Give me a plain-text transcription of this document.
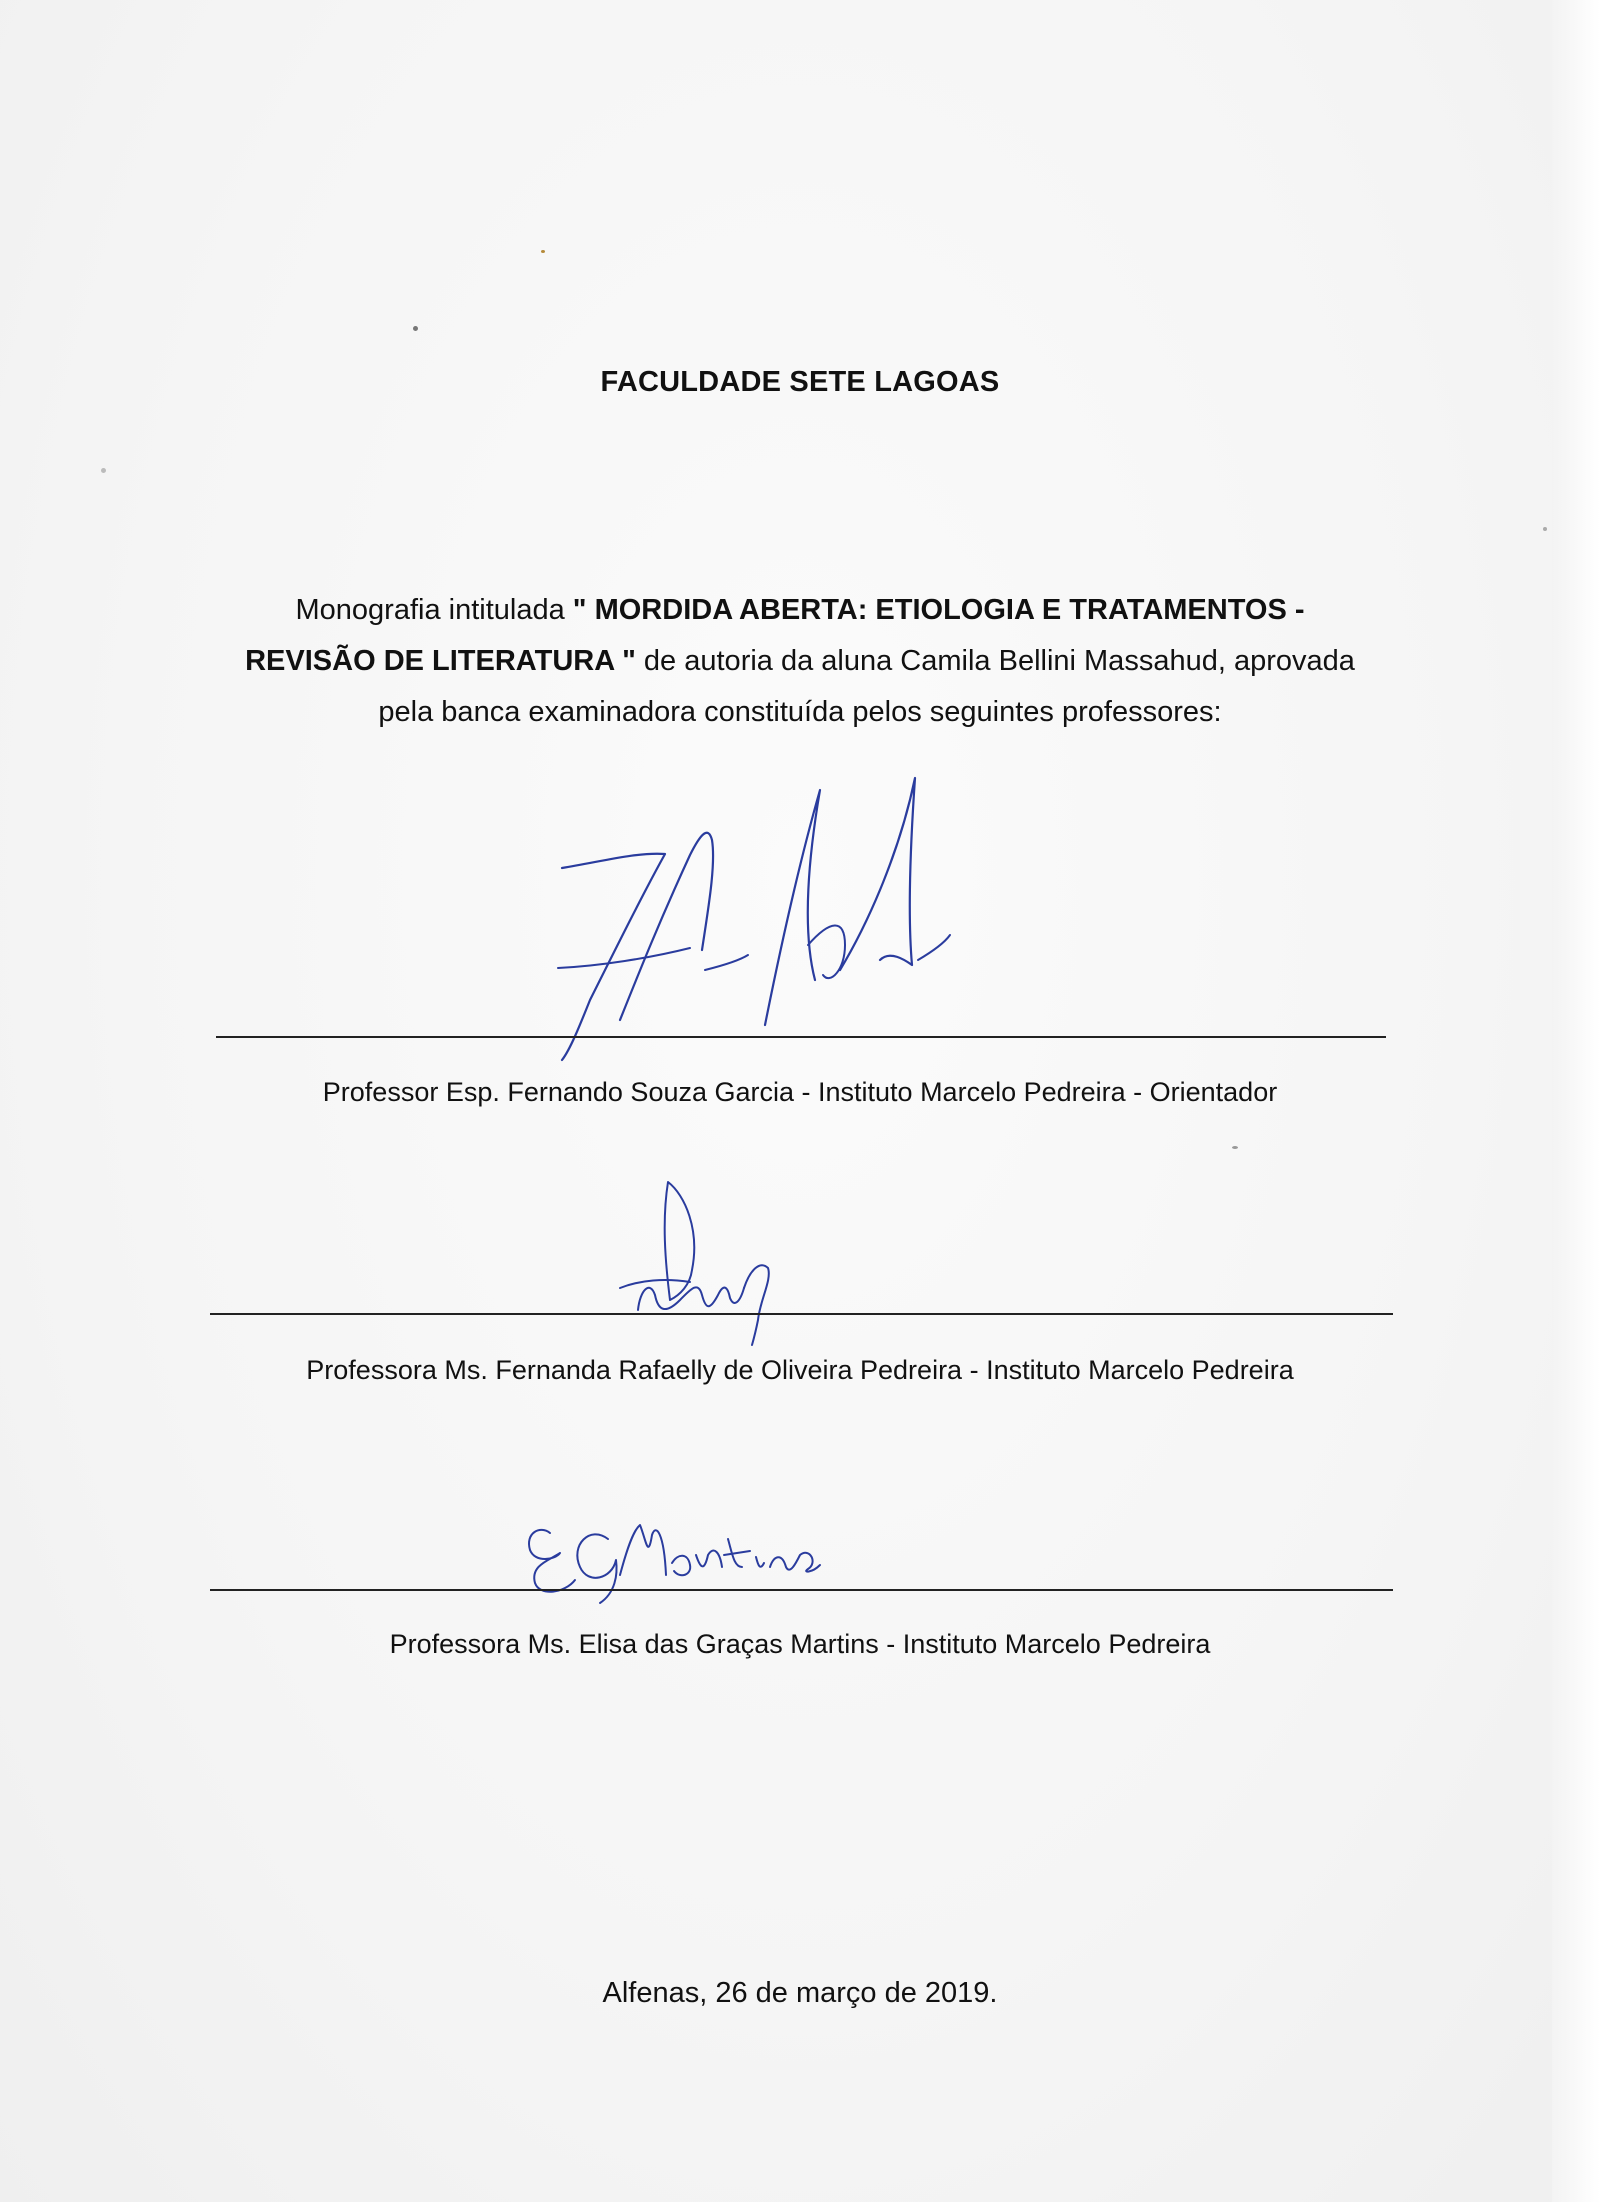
FACULDADE SETE LAGOAS
Monografia intitulada " MORDIDA ABERTA: ETIOLOGIA E TRATAMENTOS - REVISÃO DE LITERATURA " de autoria da aluna Camila Bellini Massahud, aprovada pela banca examinadora constituída pelos seguintes professores:
Professor Esp. Fernando Souza Garcia - Instituto Marcelo Pedreira - Orientador
Professora Ms. Fernanda Rafaelly de Oliveira Pedreira - Instituto Marcelo Pedreira
Professora Ms. Elisa das Graças Martins - Instituto Marcelo Pedreira
Alfenas, 26 de março de 2019.
